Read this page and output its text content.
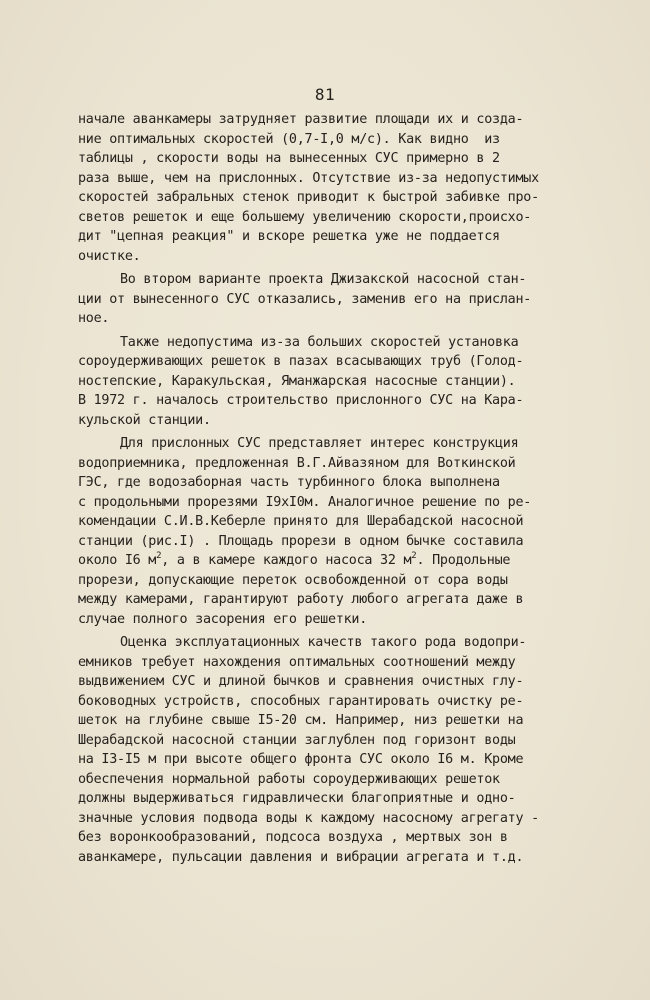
81
начале аванкамеры затрудняет развитие площади их и созда-
ние оптимальных скоростей (0,7-I,0 м/с). Как видно  из
таблицы , скорости воды на вынесенных СУС примерно в 2
раза выше, чем на прислонных. Отсутствие из-за недопустимых
скоростей забральных стенок приводит к быстрой забивке про-
светов решеток и еще большему увеличению скорости,происхо-
дит "цепная реакция" и вскоре решетка уже не поддается
очистке.
Во втором варианте проекта Джизакской насосной стан-
ции от вынесенного СУС отказались, заменив его на прислан-
ное.
Также недопустима из-за больших скоростей установка
сороудерживающих решеток в пазах всасывающих труб (Голод-
ностепские, Каракульская, Яманжарская насосные станции).
В 1972 г. началось строительство прислонного СУС на Кара-
кульской станции.
Для прислонных СУС представляет интерес конструкция
водоприемника, предложенная В.Г.Айвазяном для Воткинской
ГЭС, где водозаборная часть турбинного блока выполнена
с продольными прорезями I9xI0м. Аналогичное решение по ре-
комендации С.И.В.Кеберле принято для Шерабадской насосной
станции (рис.I) . Площадь прорези в одном бычке составила
около I6 $м^2$, а в камере каждого насоса 32 $м^2$. Продольные
прорези, допускающие переток освобожденной от сора воды
между камерами, гарантируют работу любого агрегата даже в
случае полного засорения его решетки.
Оценка эксплуатационных качеств такого рода водопри-
емников требует нахождения оптимальных соотношений между
выдвижением СУС и длиной бычков и сравнения очистных глу-
боководных устройств, способных гарантировать очистку ре-
шеток на глубине свыше I5-20 см. Например, низ решетки на
Шерабадской насосной станции заглублен под горизонт воды
на I3-I5 м при высоте общего фронта СУС около I6 м. Кроме
обеспечения нормальной работы сороудерживающих решеток
должны выдерживаться гидравлически благоприятные и одно-
значные условия подвода воды к каждому насосному агрегату -
без воронкообразований, подсоса воздуха , мертвых зон в
аванкамере, пульсации давления и вибрации агрегата и т.д.
